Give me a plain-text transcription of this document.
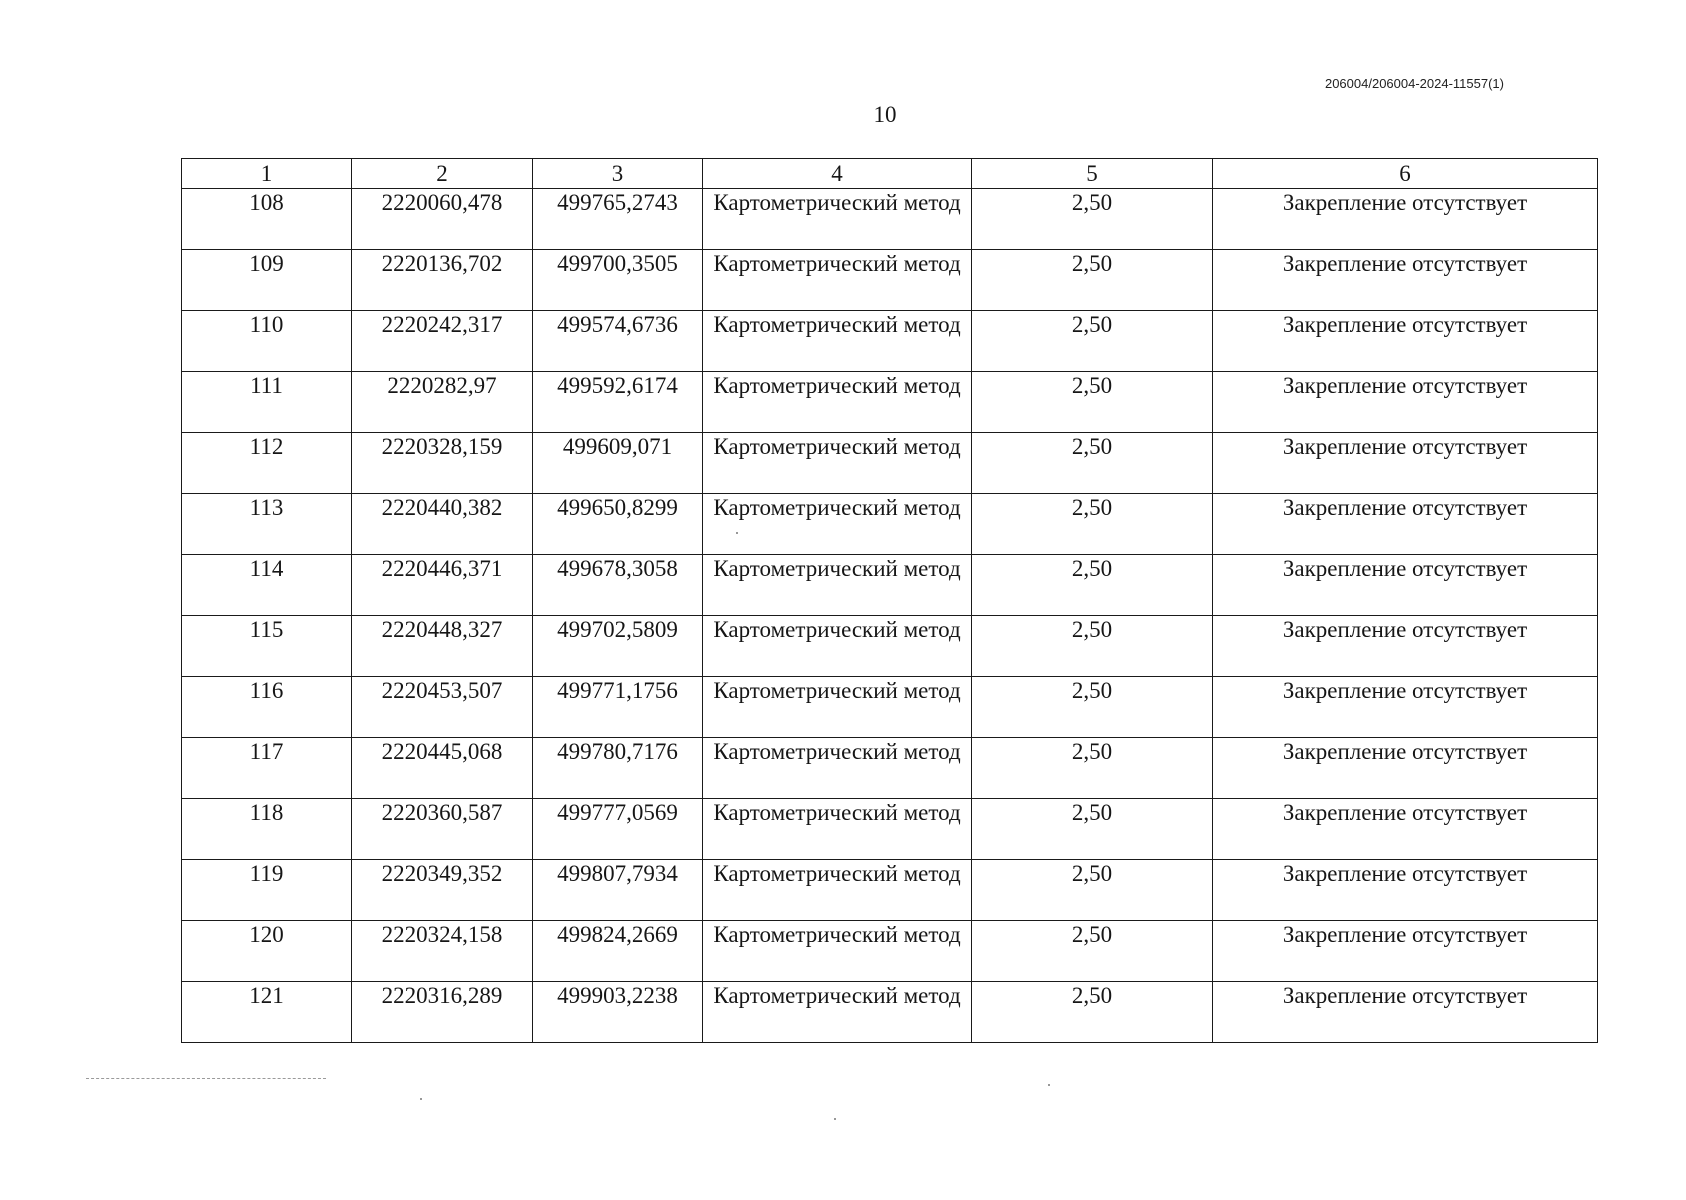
206004/206004-2024-11557(1)
10
1	2	3	4	5	6
108	2220060,478	499765,2743	Картометрический метод	2,50	Закрепление отсутствует
109	2220136,702	499700,3505	Картометрический метод	2,50	Закрепление отсутствует
110	2220242,317	499574,6736	Картометрический метод	2,50	Закрепление отсутствует
111	2220282,97	499592,6174	Картометрический метод	2,50	Закрепление отсутствует
112	2220328,159	499609,071	Картометрический метод	2,50	Закрепление отсутствует
113	2220440,382	499650,8299	Картометрический метод	2,50	Закрепление отсутствует
114	2220446,371	499678,3058	Картометрический метод	2,50	Закрепление отсутствует
115	2220448,327	499702,5809	Картометрический метод	2,50	Закрепление отсутствует
116	2220453,507	499771,1756	Картометрический метод	2,50	Закрепление отсутствует
117	2220445,068	499780,7176	Картометрический метод	2,50	Закрепление отсутствует
118	2220360,587	499777,0569	Картометрический метод	2,50	Закрепление отсутствует
119	2220349,352	499807,7934	Картометрический метод	2,50	Закрепление отсутствует
120	2220324,158	499824,2669	Картометрический метод	2,50	Закрепление отсутствует
121	2220316,289	499903,2238	Картометрический метод	2,50	Закрепление отсутствует
